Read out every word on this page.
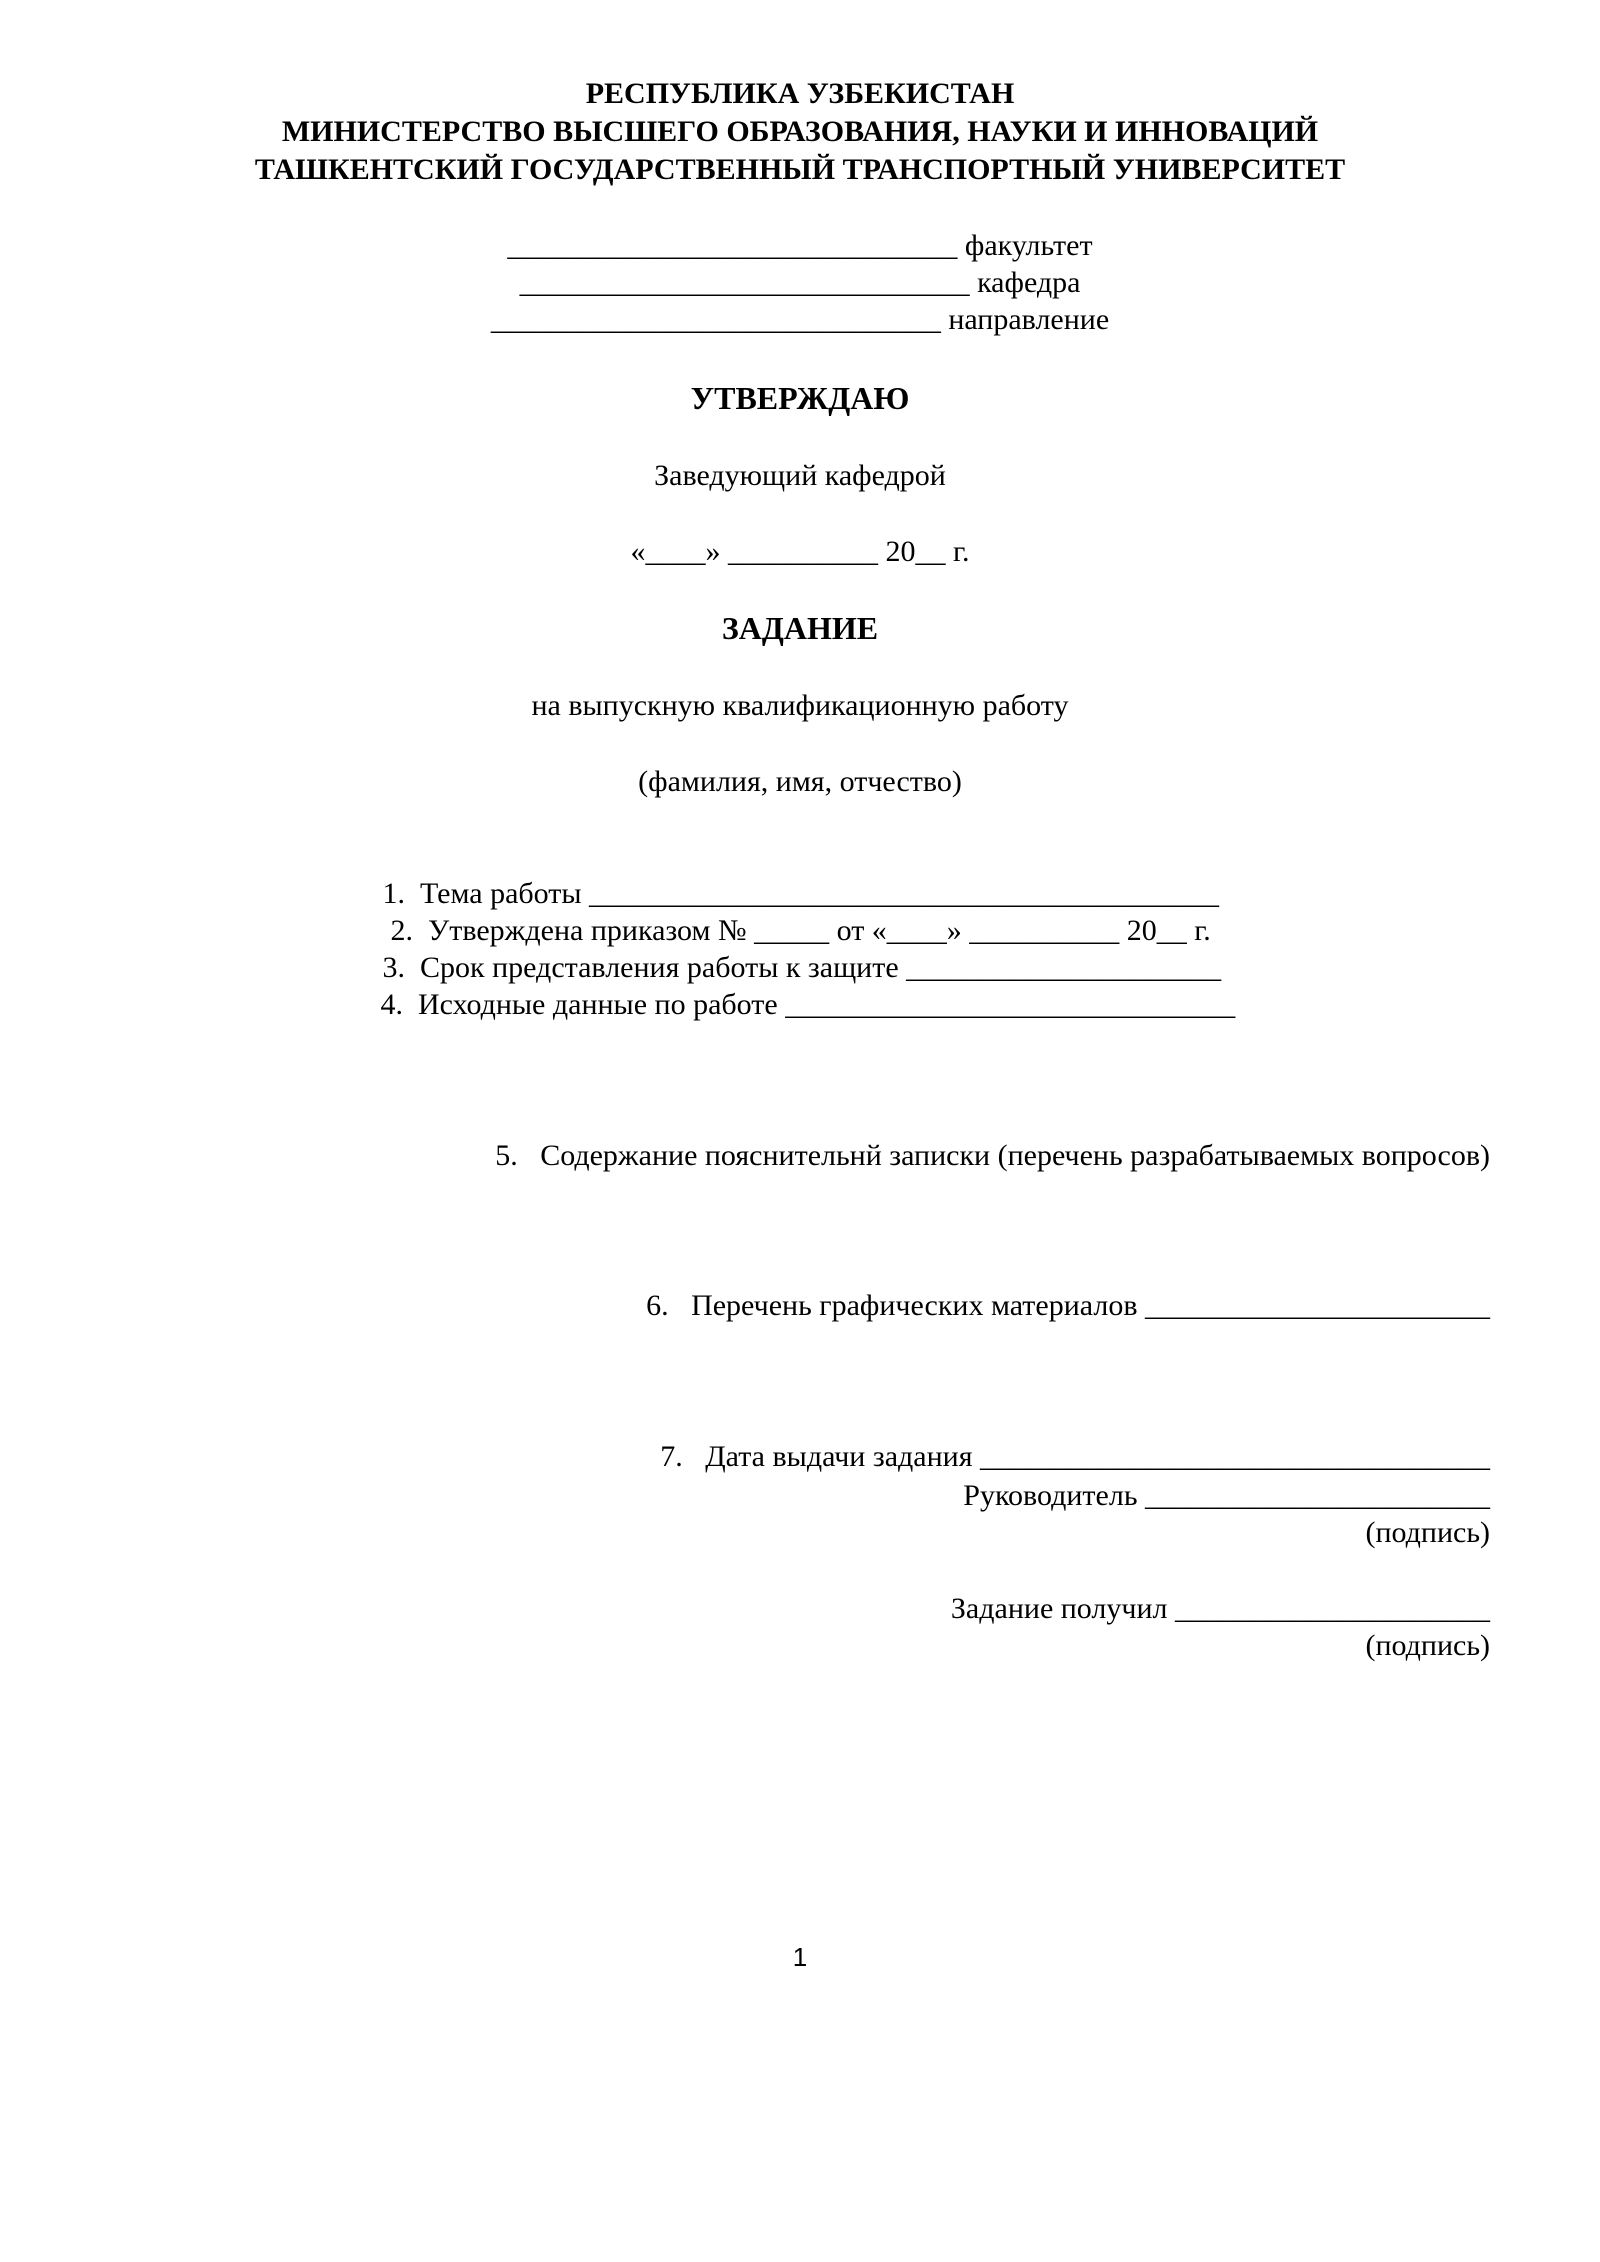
РЕСПУБЛИКА УЗБЕКИСТАН
МИНИСТЕРСТВО ВЫСШЕГО ОБРАЗОВАНИЯ, НАУКИ И ИННОВАЦИЙ
ТАШКЕНТСКИЙ ГОСУДАРСТВЕННЫЙ ТРАНСПОРТНЫЙ УНИВЕРСИТЕТ
______________________________ факультет
______________________________ кафедра
______________________________ направление
УТВЕРЖДАЮ
Заведующий кафедрой
«____» __________ 20__ г.
ЗАДАНИЕ
на выпускную квалификационную работу
(фамилия, имя, отчество)

1. Тема работы __________________________________________

2. Утверждена приказом № _____ от «____» __________ 20__ г.

3. Срок представления работы к защите _____________________

4. Исходные данные по работе ______________________________

5. Содержание пояснительнй записки (перечень разрабатываемых вопросов)

6. Перечень графических материалов _______________________

7. Дата выдачи задания __________________________________

Руководитель _______________________
(подпись)
Задание получил _____________________
(подпись)
1
